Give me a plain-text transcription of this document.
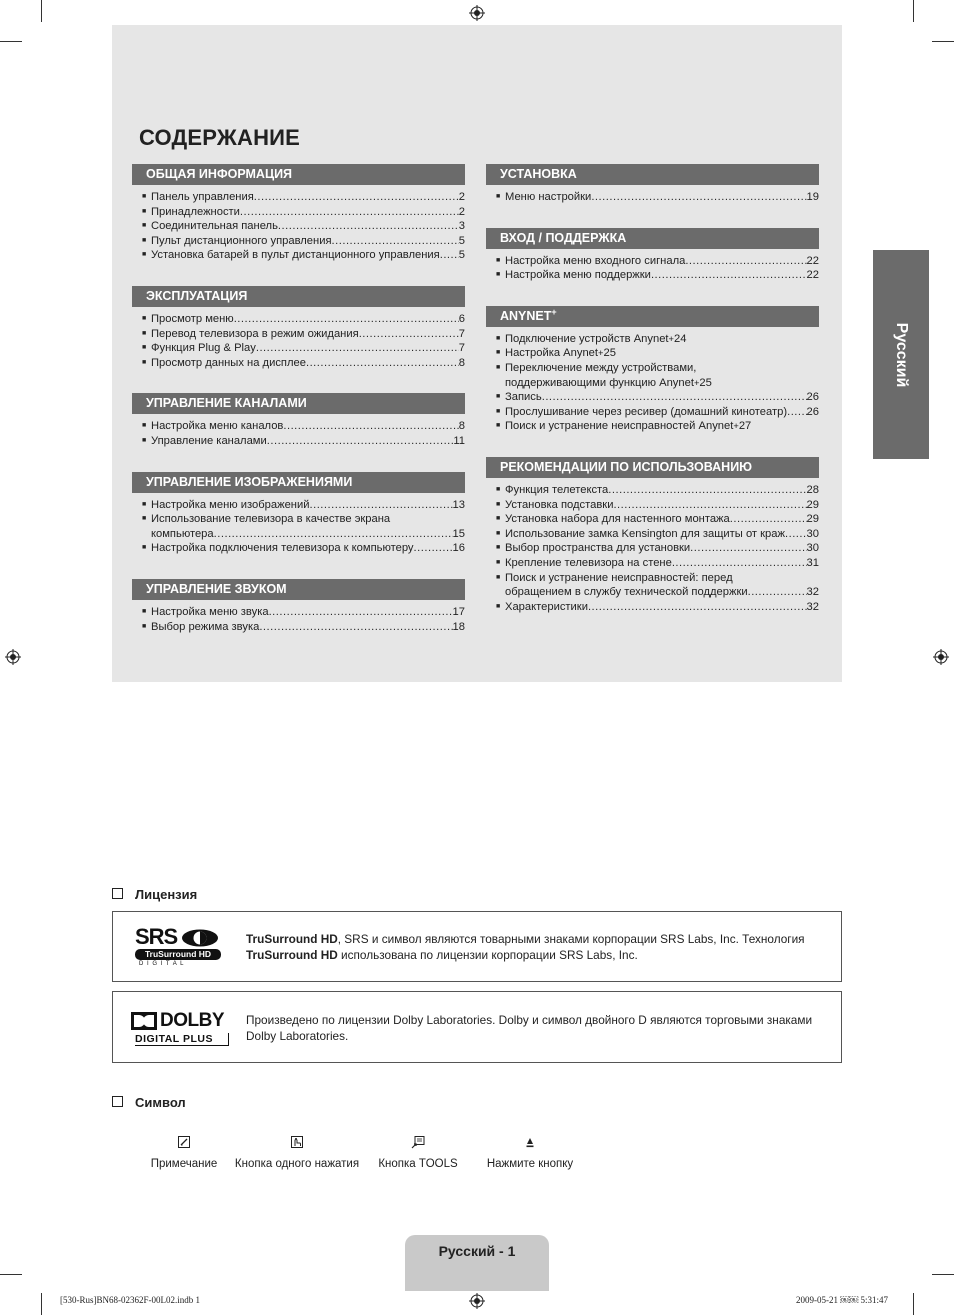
СОДЕРЖАНИЕ
ОБЩАЯ ИНФОРМАЦИЯ
■ Панель управления .....	2
■ Принадлежности .....	2
■ Соединительная панель .....	3
■ Пульт дистанционного управления .....	5
■ Установка батарей в пульт дистанционного управления ..... 5
ЭКСПЛУАТАЦИЯ
■ Просмотр меню .....	6
■ Перевод телевизора в режим ожидания .....	7
■ Функция Plug & Play .....	7
■ Просмотр данных на дисплее .....	8
УПРАВЛЕНИЕ КАНАЛАМИ
■ Настройка меню каналов .....	8
■ Управление каналами .....	11
УПРАВЛЕНИЕ ИЗОБРАЖЕНИЯМИ
■ Настройка меню изображений .....	13
■ Использование телевизора в качестве экрана
компьютера .....	15
■ Настройка подключения телевизора к компьютеру .....	16
УПРАВЛЕНИЕ ЗВУКОМ
■ Настройка меню звука .....	17
■ Выбор режима звука .....	18
УСТАНОВКА
■ Меню настройки .....	19
ВХОД / ПОДДЕРЖКА
■ Настройка меню входного сигнала .....	22
■ Настройка меню поддержки .....	22
ANYNET+
■ Подключение устройств Anynet + 24
■ Настройка Anynet + 25
■ Переключение между устройствами,
поддерживающими функцию Anynet + 25
■ Запись .....	26
■ Прослушивание через ресивер (домашний кинотеатр) ..... 26
■ Поиск и устранение неисправностей Anynet + 27
РЕКОМЕНДАЦИИ ПО ИСПОЛЬЗОВАНИЮ
■ Функция телетекста .....	28
■ Установка подставки .....	29
■ Установка набора для настенного монтажа .....	29
■ Использование замка Kensington для защиты от краж ..... 30
■ Выбор пространства для установки .....	30
■ Крепление телевизора на стене .....	31
■ Поиск и устранение неисправностей: перед
обращением в службу технической поддержки .....	32
■ Характеристики .....	32
Русский
Лицензия
SRS
TruSurround HD
D I G I T A L
TruSurround HD, SRS и символ являются товарными знаками корпорации SRS Labs, Inc. Технология
TruSurround HD использована по лицензии корпорации SRS Labs, Inc.
DOLBY
DIGITAL PLUS
Произведено по лицензии Dolby Laboratories. Dolby и символ двойного D являются торговыми знаками Dolby Laboratories.
Символ
Примечание Кнопка одного нажатия	Кнопка TOOLS	Нажмите кнопку
Русский - 1
[530-Rus]BN68-02362F-00L02.indb 1	2009-05-21 ￼￼ 5:31:47
